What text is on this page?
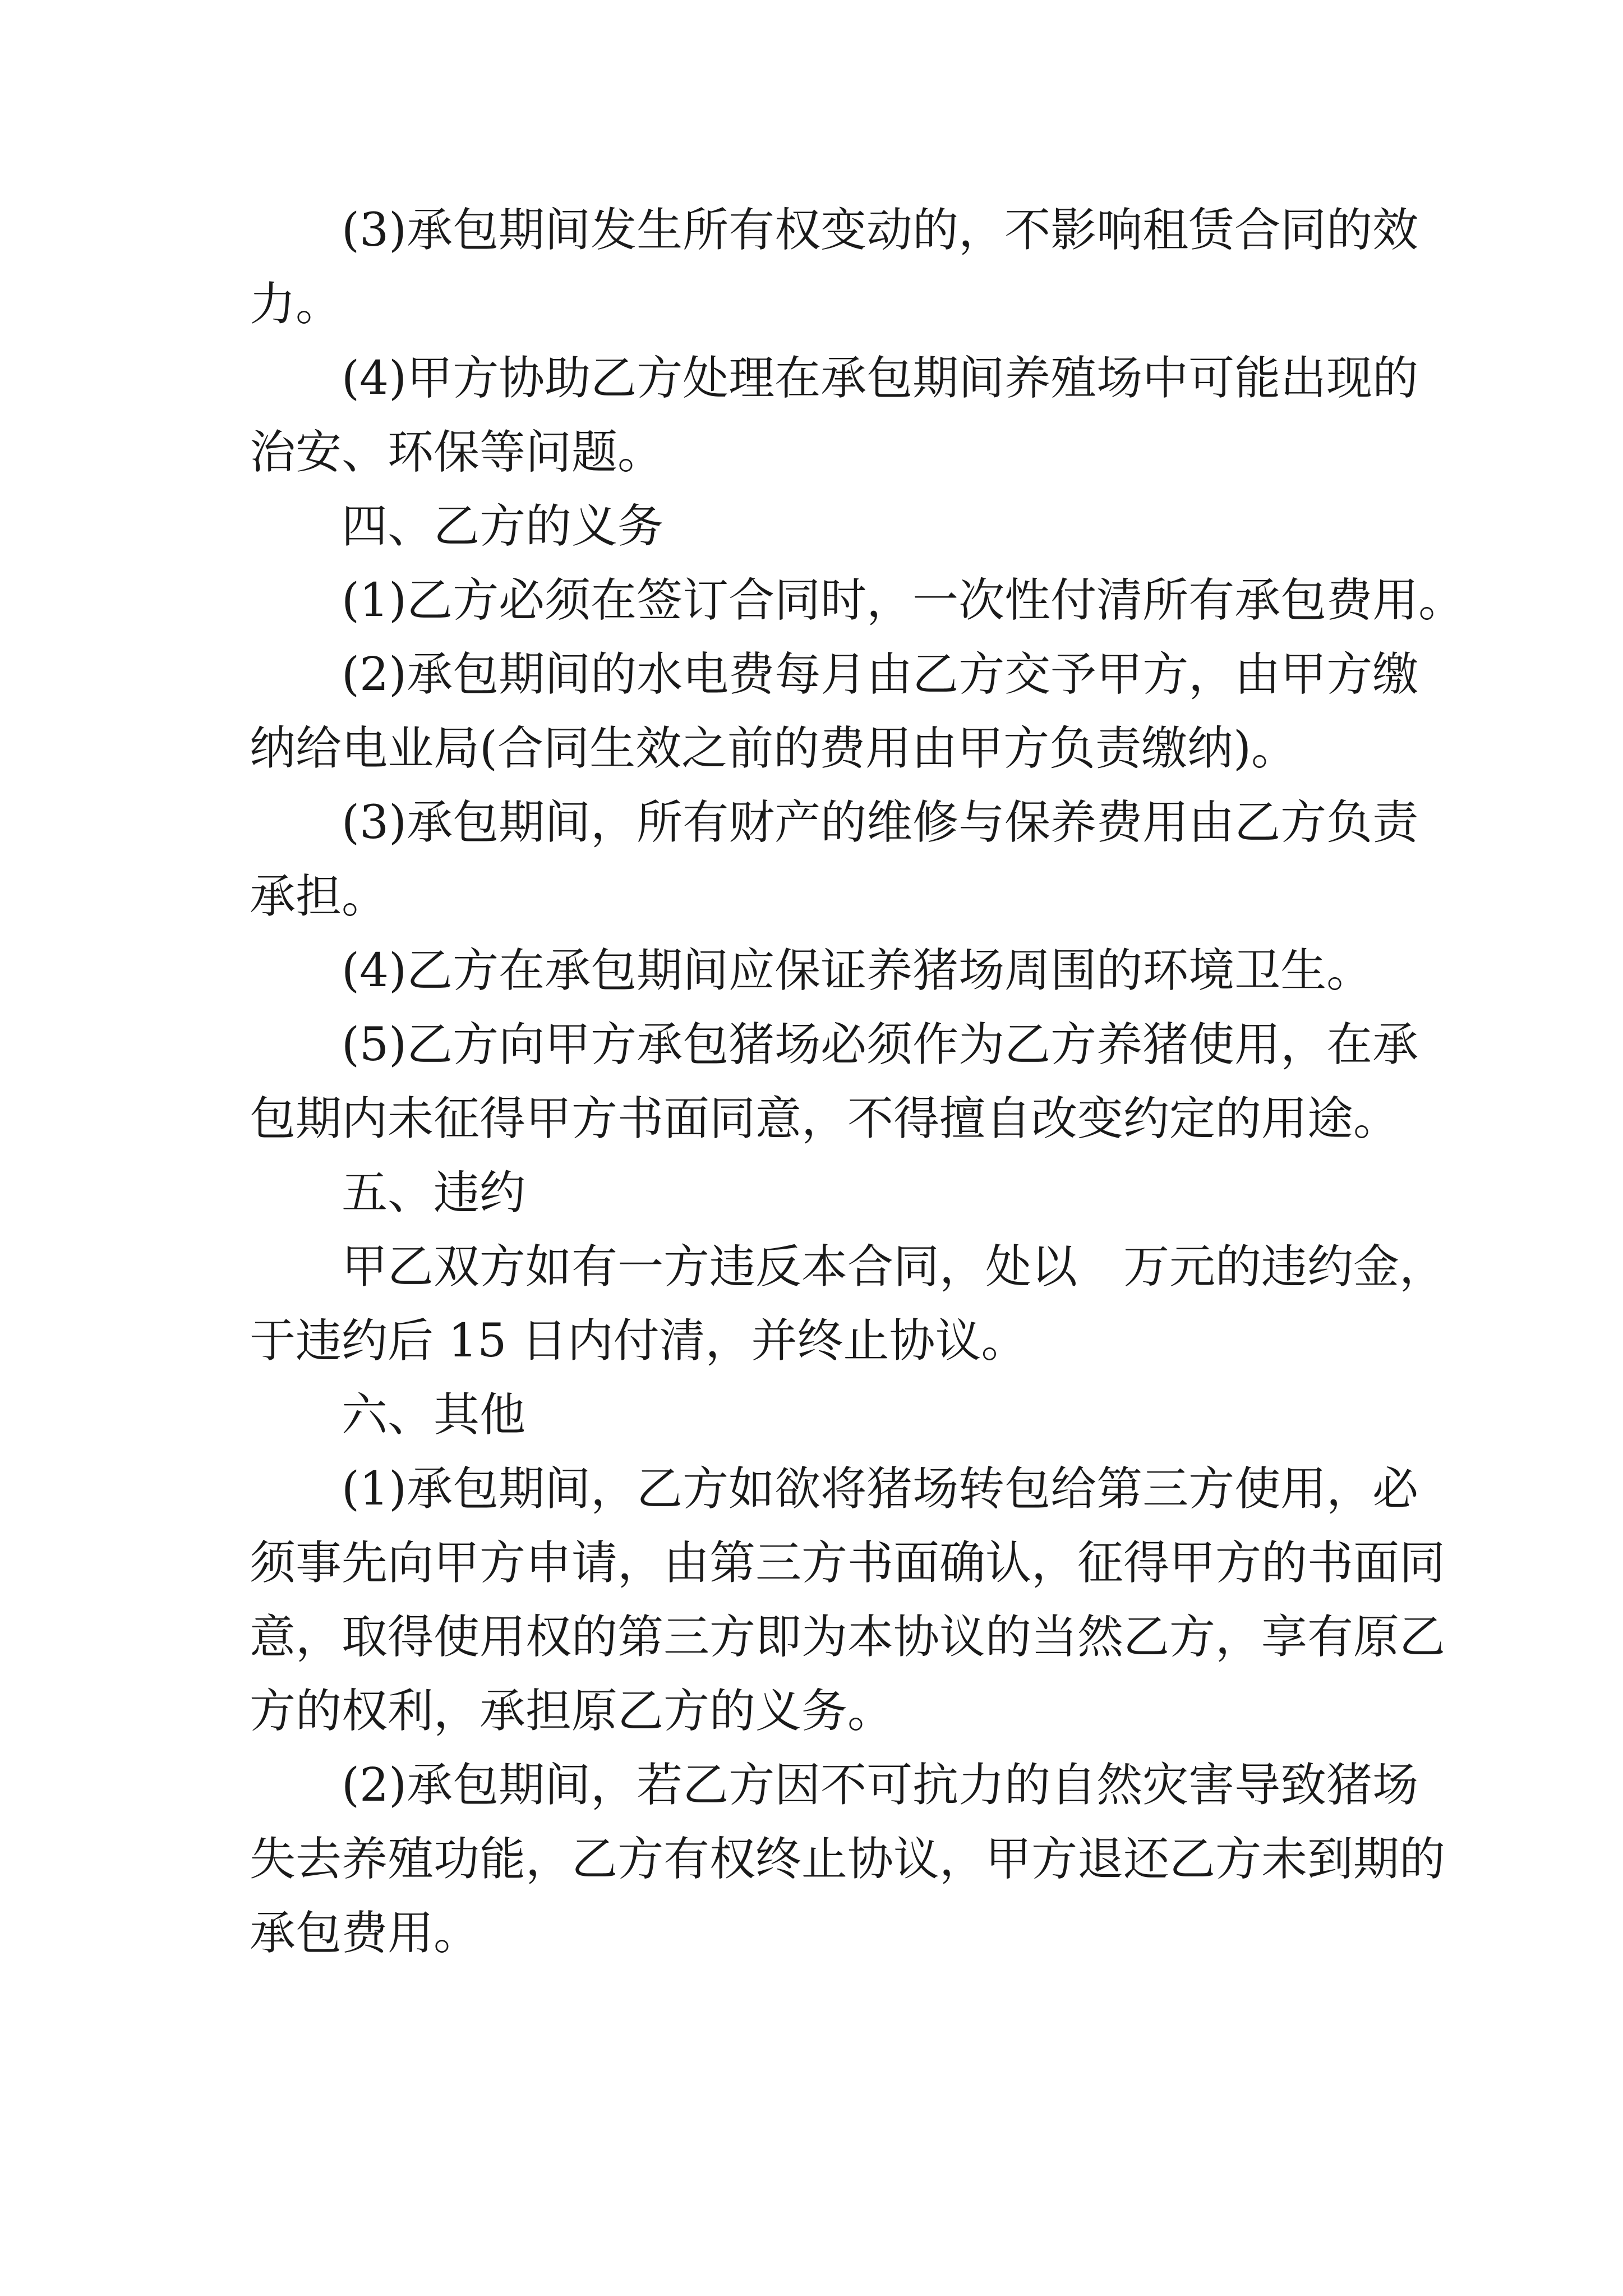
(3)承包期间发生所有权变动的，不影响租赁合同的效
力。
(4)甲方协助乙方处理在承包期间养殖场中可能出现的
治安、环保等问题。
四、乙方的义务
(1)乙方必须在签订合同时，一次性付清所有承包费用。
(2)承包期间的水电费每月由乙方交予甲方，由甲方缴
纳给电业局(合同生效之前的费用由甲方负责缴纳)。
(3)承包期间，所有财产的维修与保养费用由乙方负责
承担。
(4)乙方在承包期间应保证养猪场周围的环境卫生。
(5)乙方向甲方承包猪场必须作为乙方养猪使用，在承
包期内未征得甲方书面同意，不得擅自改变约定的用途。
五、违约
甲乙双方如有一方违反本合同，处以　万元的违约金，
于违约后 15 日内付清，并终止协议。
六、其他
(1)承包期间，乙方如欲将猪场转包给第三方使用，必
须事先向甲方申请，由第三方书面确认，征得甲方的书面同
意，取得使用权的第三方即为本协议的当然乙方，享有原乙
方的权利，承担原乙方的义务。
(2)承包期间，若乙方因不可抗力的自然灾害导致猪场
失去养殖功能，乙方有权终止协议，甲方退还乙方未到期的
承包费用。
